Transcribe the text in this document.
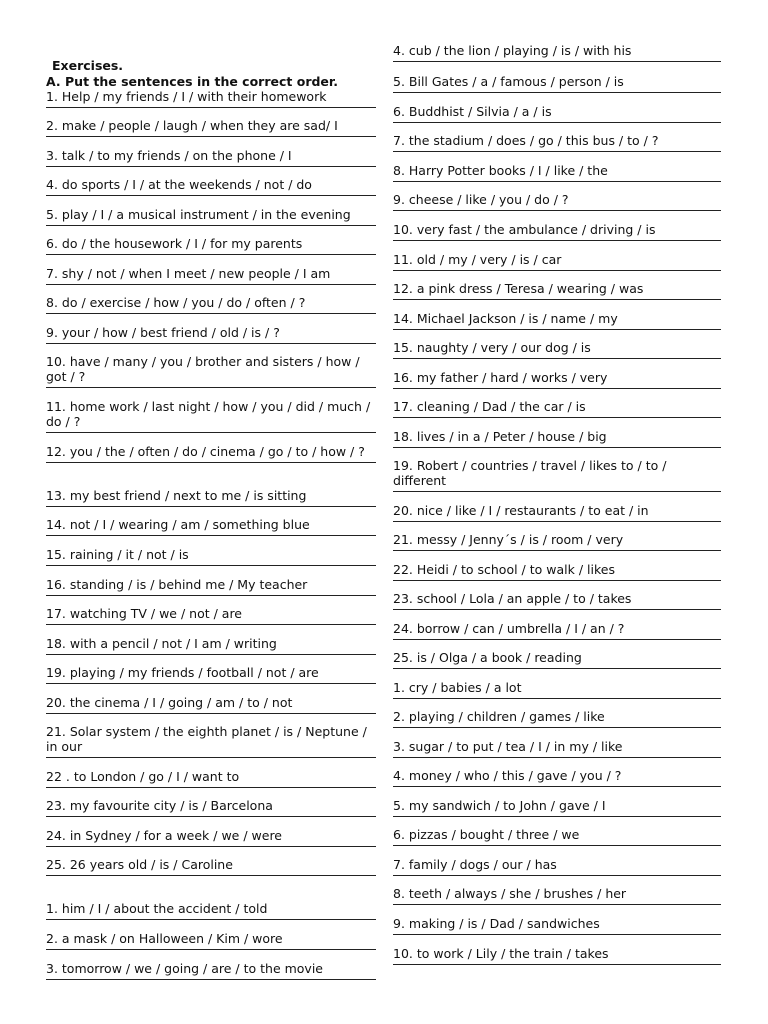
Exercises.
A. Put the sentences in the correct order.
1. Help / my friends / I / with their homework
2. make / people / laugh / when they are sad/ I
3. talk / to my friends / on the phone / I
4. do sports / I / at the weekends / not / do
5. play / I / a musical instrument / in the evening
6. do / the housework / I / for my parents
7. shy / not / when I meet / new people / I am
8. do / exercise / how / you / do / often / ?
9. your / how / best friend / old / is / ?
10. have / many / you / brother and sisters / how / got / ?
11. home work / last night / how / you / did / much / do / ?
12. you / the / often / do / cinema / go / to / how / ?
13. my best friend / next to me / is sitting
14. not / I / wearing / am / something blue
15. raining / it / not / is
16. standing / is / behind me / My teacher
17. watching TV / we / not / are
18. with a pencil / not / I am / writing
19. playing / my friends / football / not / are
20. the cinema / I / going / am / to / not
21. Solar system / the eighth planet / is / Neptune / in our
22 . to London / go / I / want to
23. my favourite city / is / Barcelona
24. in Sydney / for a week / we / were
25. 26 years old / is / Caroline
1. him / I / about the accident / told
2. a mask / on Halloween / Kim / wore
3. tomorrow / we / going / are / to the movie
4. cub / the lion / playing / is / with his
5. Bill Gates / a / famous / person / is
6. Buddhist / Silvia / a / is
7. the stadium / does / go / this bus / to / ?
8. Harry Potter books / I / like / the
9. cheese / like / you / do / ?
10. very fast / the ambulance / driving / is
11. old / my / very / is / car
12. a pink dress / Teresa / wearing / was
14. Michael Jackson / is / name / my
15. naughty / very / our dog / is
16. my father / hard / works / very
17. cleaning / Dad / the car / is
18. lives / in a / Peter / house / big
19. Robert / countries / travel / likes to / to / different
20. nice / like / I / restaurants / to eat / in
21. messy / Jenny´s / is / room / very
22. Heidi / to school / to walk / likes
23. school / Lola / an apple / to / takes
24. borrow / can / umbrella / I / an / ?
25. is / Olga / a book / reading
1. cry / babies / a lot
2. playing / children / games / like
3. sugar / to put / tea / I / in my / like
4. money / who / this / gave / you / ?
5. my sandwich / to John / gave / I
6. pizzas / bought / three / we
7. family / dogs / our / has
8. teeth / always / she / brushes / her
9. making / is / Dad / sandwiches
10. to work / Lily / the train / takes
